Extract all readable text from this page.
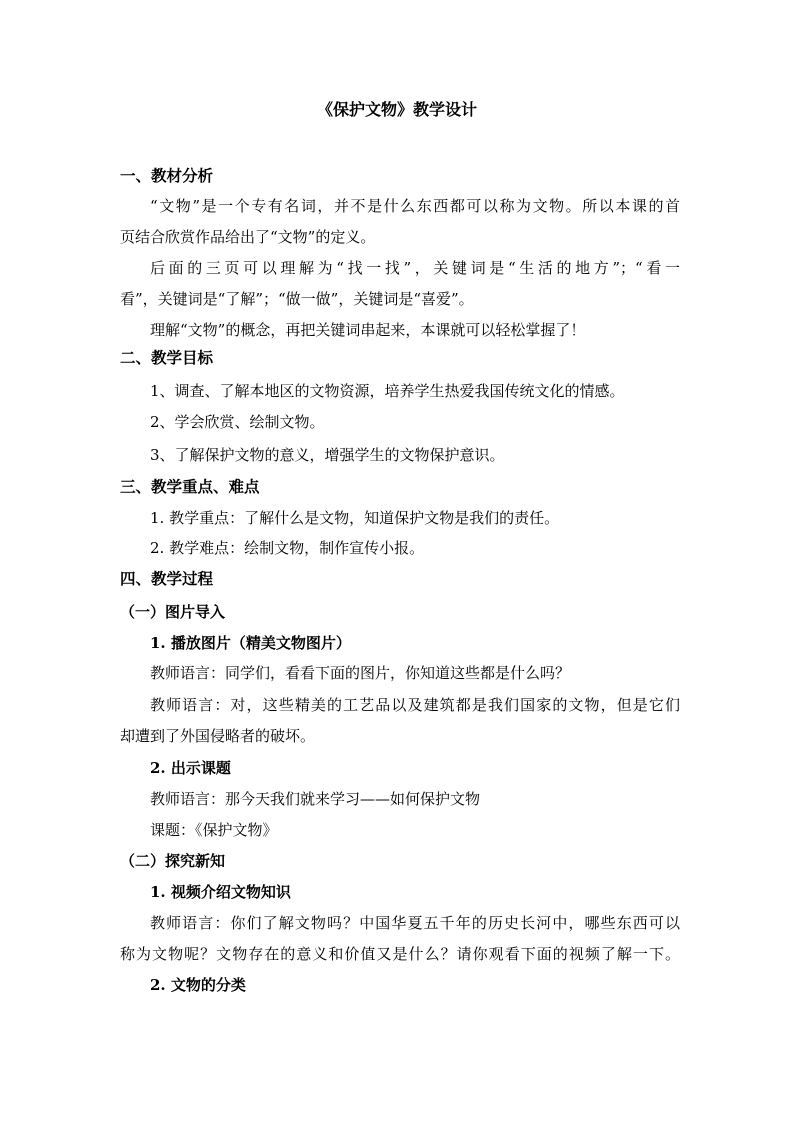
《保护文物》教学设计
一、教材分析
“文物”是一个专有名词，并不是什么东西都可以称为文物。所以本课的首
页结合欣赏作品给出了“文物”的定义。
后面的三页可以理解为“找一找”，关键词是“生活的地方”；“看一
看”，关键词是“了解”；“做一做”，关键词是“喜爱”。
理解“文物”的概念，再把关键词串起来，本课就可以轻松掌握了！
二、教学目标
1、调查、了解本地区的文物资源，培养学生热爱我国传统文化的情感。
2、学会欣赏、绘制文物。
3、了解保护文物的意义，增强学生的文物保护意识。
三、教学重点、难点
1. 教学重点：了解什么是文物，知道保护文物是我们的责任。
2. 教学难点：绘制文物，制作宣传小报。
四、教学过程
（一）图片导入
1. 播放图片（精美文物图片）
教师语言：同学们，看看下面的图片，你知道这些都是什么吗？
教师语言：对，这些精美的工艺品以及建筑都是我们国家的文物，但是它们
却遭到了外国侵略者的破坏。
2. 出示课题
教师语言：那今天我们就来学习——如何保护文物
课题：《保护文物》
（二）探究新知
1. 视频介绍文物知识
教师语言：你们了解文物吗？中国华夏五千年的历史长河中，哪些东西可以
称为文物呢？文物存在的意义和价值又是什么？请你观看下面的视频了解一下。
2. 文物的分类
